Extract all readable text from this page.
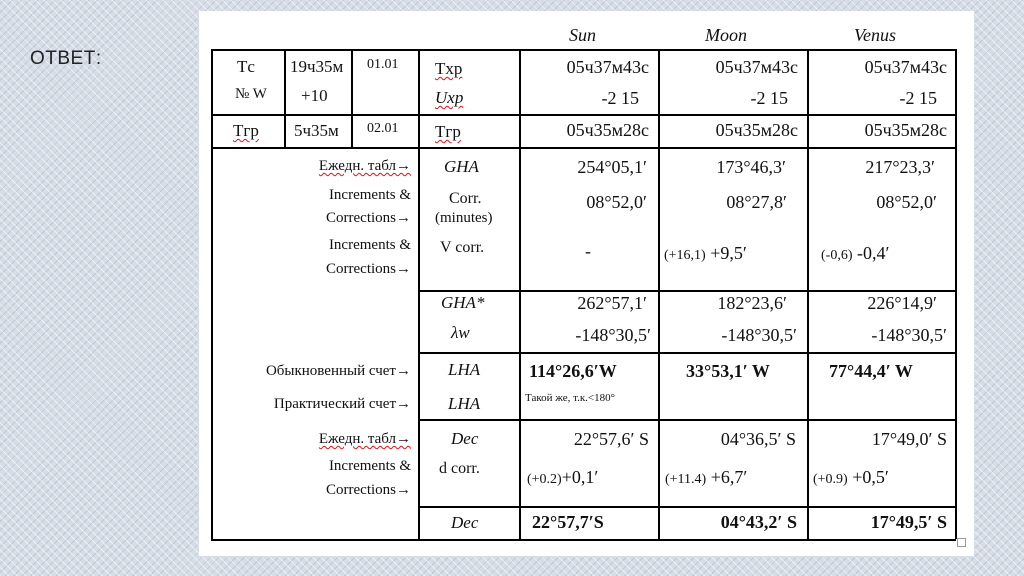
ОТВЕТ:
Sun	Moon	Venus
Tс 19ч35м 01.01
№ W +10
Tгр 5ч35м 02.01
Tхр
Uхр
Tгр
GHA
Corr.
(minutes)
V corr.
GHA*
λw
LHA
LHA
Dec
d corr.
Dec
Ежедн. табл→
Increments &
Corrections→
Increments &
Corrections→
Обыкновенный счет→
Практический счет→
Ежедн. табл→
Increments &
Corrections→
05ч37м43с
-2 15
05ч35м28с
254°05,1′
08°52,0′
-
262°57,1′
-148°30,5′
114°26,6′W
Такой же, т.к.<180°
22°57,6′ S
(+0.2)+0,1′
22°57,7′S
05ч37м43с
-2 15
05ч35м28с
173°46,3′
08°27,8′
(+16,1) +9,5′
182°23,6′
-148°30,5′
33°53,1′ W
04°36,5′ S
(+11.4) +6,7′
04°43,2′ S
05ч37м43с
-2 15
05ч35м28с
217°23,3′
08°52,0′
(-0,6) -0,4′
226°14,9′
-148°30,5′
77°44,4′ W
17°49,0′ S
(+0.9) +0,5′
17°49,5′ S
